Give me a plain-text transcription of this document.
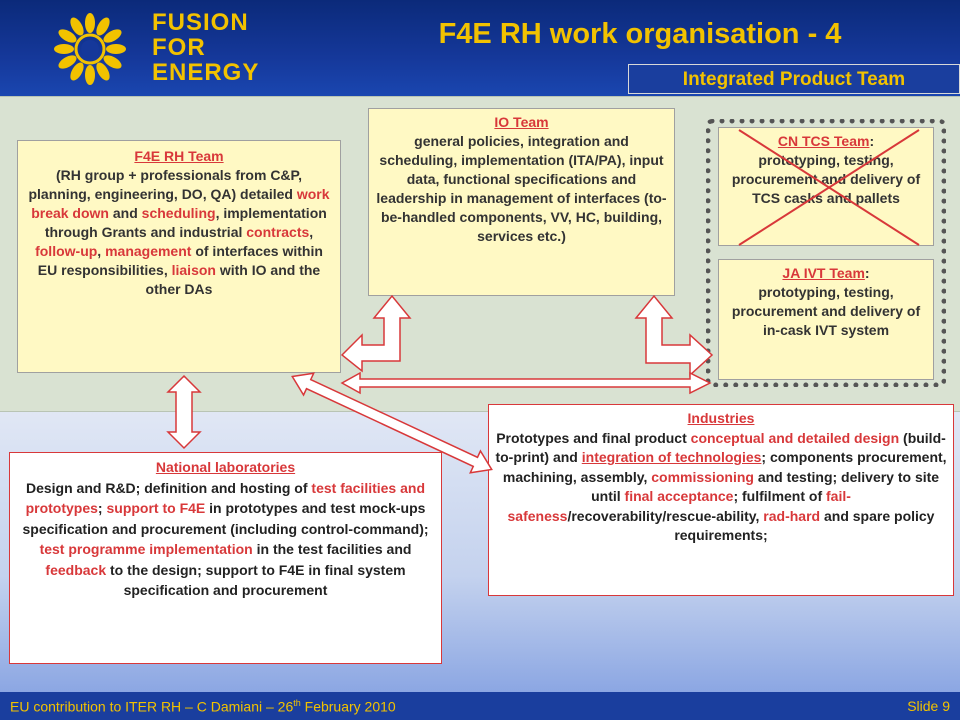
FUSION
FOR
ENERGY
F4E RH work organisation - 4
Integrated Product Team
F4E RH Team
(RH group + professionals from C&P, planning, engineering, DO, QA) detailed work break down and scheduling, implementation through Grants and industrial contracts, follow-up, management of interfaces within EU responsibilities, liaison with IO and the other DAs
IO Team
general policies, integration and scheduling, implementation (ITA/PA), input data, functional specifications and leadership in management of interfaces (to-be-handled components, VV, HC, building, services etc.)
CN TCS Team:
prototyping, testing, procurement and delivery of TCS casks and pallets
JA IVT Team:
prototyping, testing, procurement and delivery of in-cask IVT system
Industries
Prototypes and final product conceptual and detailed design (build-to-print) and integration of technologies; components procurement, machining, assembly, commissioning and testing; delivery to site until final acceptance; fulfilment of fail-safeness/recoverability/rescue-ability, rad-hard and spare policy requirements;
National laboratories
Design and R&D; definition and hosting of test facilities and prototypes; support to F4E in prototypes and test mock-ups specification and procurement (including control-command); test programme implementation in the test facilities and feedback to the design; support to F4E in final system specification and procurement
EU contribution to ITER RH – C Damiani – 26th February 2010	Slide 9
